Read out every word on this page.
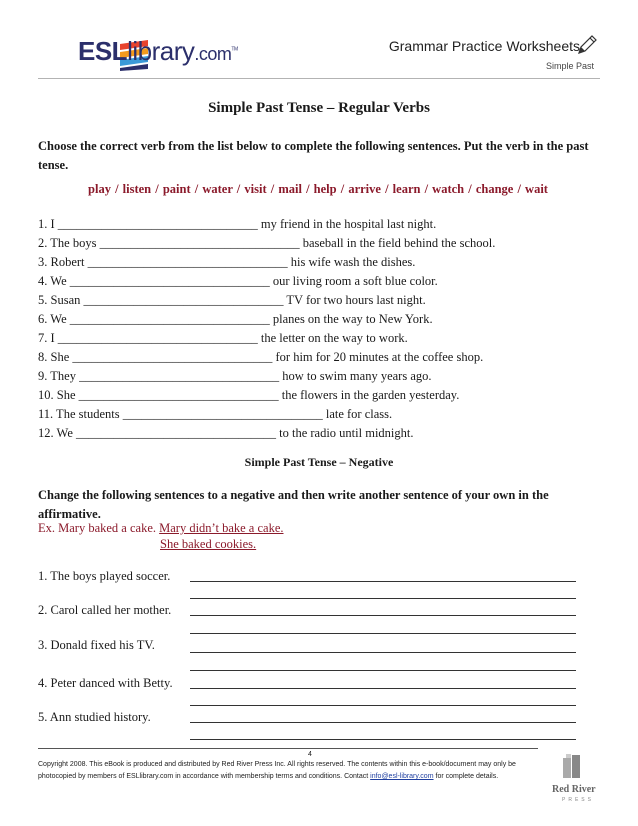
ESLlibrary.com™	Grammar Practice Worksheets
Simple Past
Simple Past Tense – Regular Verbs
Choose the correct verb from the list below to complete the following sentences. Put the verb in the past tense.
play / listen / paint / water / visit / mail / help / arrive / learn / watch / change / wait
1. I ________________________________ my friend in the hospital last night.
2. The boys ________________________________ baseball in the field behind the school.
3. Robert ________________________________ his wife wash the dishes.
4. We ________________________________ our living room a soft blue color.
5. Susan ________________________________ TV for two hours last night.
6. We ________________________________ planes on the way to New York.
7. I ________________________________ the letter on the way to work.
8. She ________________________________ for him for 20 minutes at the coffee shop.
9. They ________________________________ how to swim many years ago.
10. She ________________________________ the flowers in the garden yesterday.
11. The students ________________________________ late for class.
12. We ________________________________ to the radio until midnight.
Simple Past Tense – Negative
Change the following sentences to a negative and then write another sentence of your own in the affirmative.
Ex. Mary baked a cake. Mary didn’t bake a cake.
She baked cookies.
1. The boys played soccer.
2. Carol called her mother.
3. Donald fixed his TV.
4. Peter danced with Betty.
5. Ann studied history.
4
Copyright 2008. This eBook is produced and distributed by Red River Press Inc. All rights reserved. The contents within this e-book/document may only be
photocopied by members of ESLlibrary.com in accordance with membership terms and conditions. Contact info@esl-library.com for complete details.
Red River
PRESS
